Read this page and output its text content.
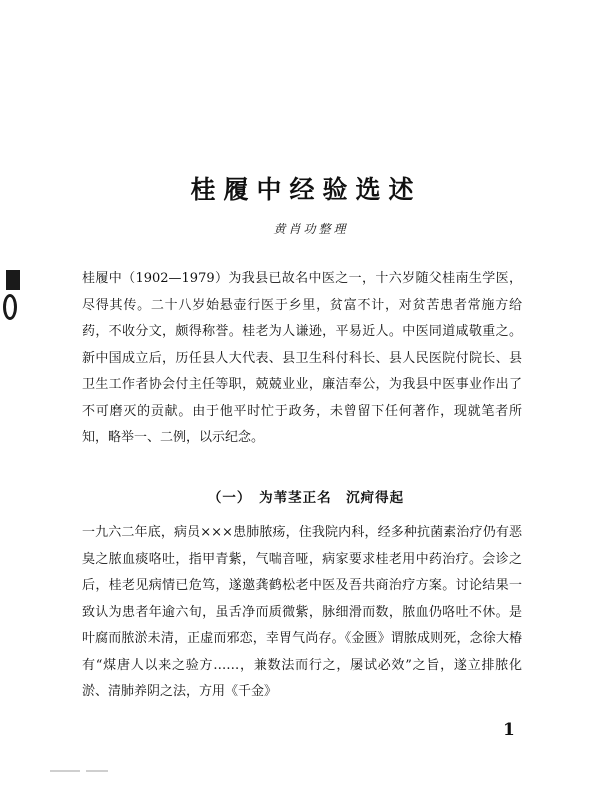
桂履中经验选述
黄肖功整理
桂履中（1902—1979）为我县已故名中医之一，十六岁随父桂南生学医，尽得其传。二十八岁始悬壶行医于乡里，贫富不计，对贫苦患者常施方给药，不收分文，颇得称誉。桂老为人谦逊，平易近人。中医同道咸敬重之。新中国成立后，历任县人大代表、县卫生科付科长、县人民医院付院长、县卫生工作者协会付主任等职，兢兢业业，廉洁奉公，为我县中医事业作出了不可磨灭的贡献。由于他平时忙于政务，未曾留下任何著作，现就笔者所知，略举一、二例，以示纪念。
（一）　为苇茎正名　沉疴得起
一九六二年底，病员×××患肺脓疡，住我院内科，经多种抗菌素治疗仍有恶臭之脓血痰咯吐，指甲青紫，气喘音哑，病家要求桂老用中药治疗。会诊之后，桂老见病情已危笃，遂邀龚鹤松老中医及吾共商治疗方案。讨论结果一致认为患者年逾六旬，虽舌净而质微紫，脉细滑而数，脓血仍咯吐不休。是叶腐而脓淤未清，正虚而邪恋，幸胃气尚存。《金匮》谓脓成则死，念徐大椿有“煤唐人以来之验方……，兼数法而行之，屡试必效”之旨，遂立排脓化淤、清肺养阴之法，方用《千金》
1
